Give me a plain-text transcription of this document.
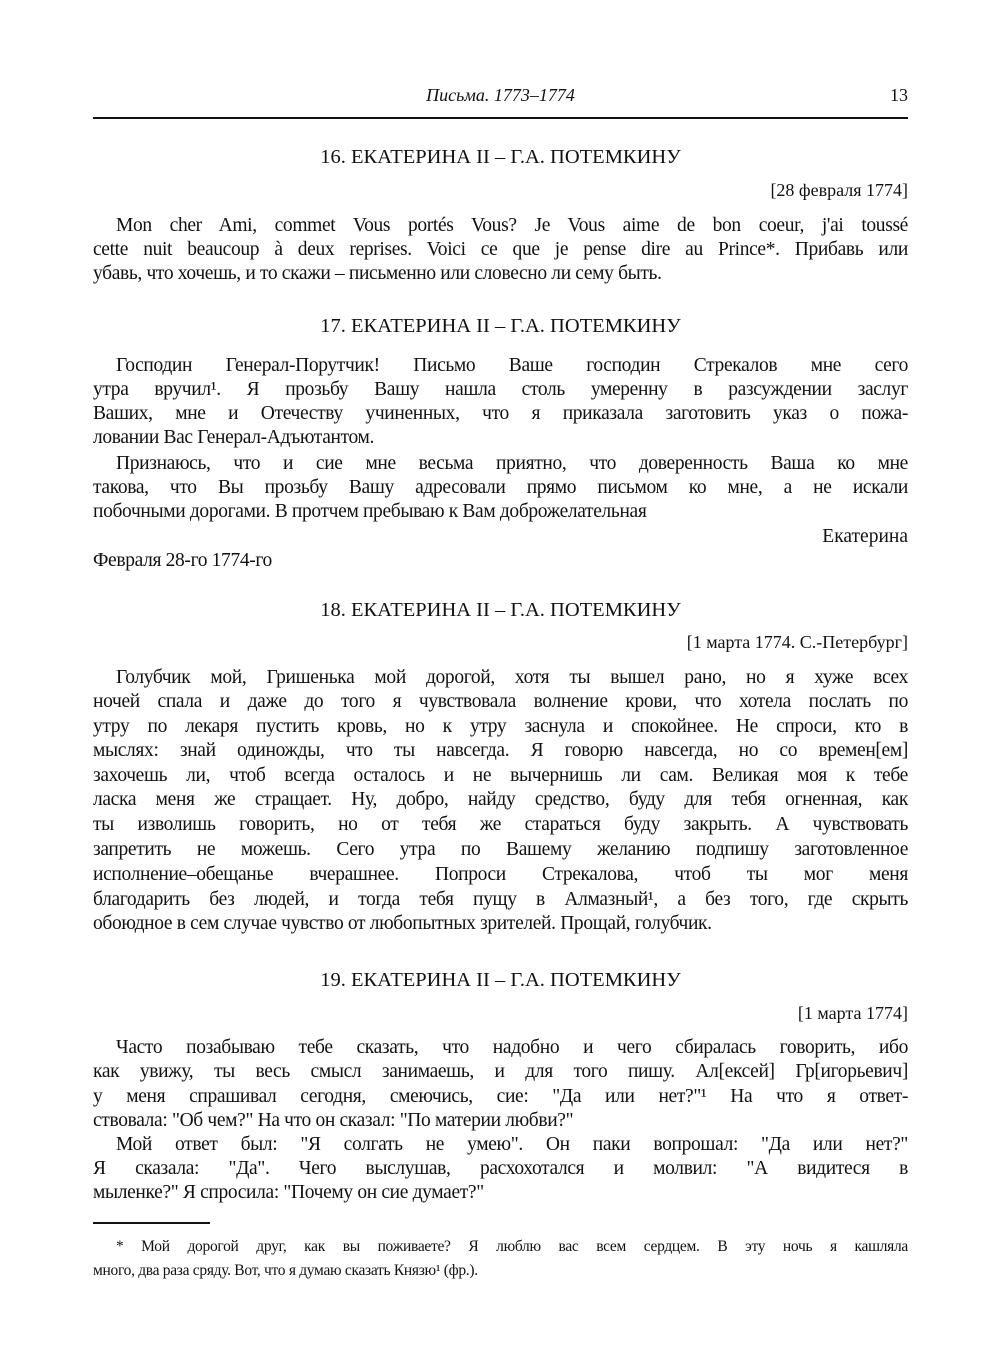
Письма. 1773–1774	13
16. ЕКАТЕРИНА II – Г.А. ПОТЕМКИНУ
[28 февраля 1774]
Mon cher Ami, commet Vous portés Vous? Je Vous aime de bon coeur, j'ai toussé
cette nuit beaucoup à deux reprises. Voici ce que je pense dire au Prince*. Прибавь или
убавь, что хочешь, и то скажи – письменно или словесно ли сему быть.
17. ЕКАТЕРИНА II – Г.А. ПОТЕМКИНУ
Господин Генерал-Порутчик! Письмо Ваше господин Стрекалов мне сего
утра вручил¹. Я прозьбу Вашу нашла столь умеренну в разсуждении заслуг
Ваших, мне и Отечеству учиненных, что я приказала заготовить указ о пожа-
ловании Вас Генерал-Адъютантом.
Признаюсь, что и сие мне весьма приятно, что доверенность Ваша ко мне
такова, что Вы прозьбу Вашу адресовали прямо письмом ко мне, а не искали
побочными дорогами. В протчем пребываю к Вам доброжелательная
Екатерина
Февраля 28-го 1774-го
18. ЕКАТЕРИНА II – Г.А. ПОТЕМКИНУ
[1 марта 1774. С.-Петербург]
Голубчик мой, Гришенька мой дорогой, хотя ты вышел рано, но я хуже всех
ночей спала и даже до того я чувствовала волнение крови, что хотела послать по
утру по лекаря пустить кровь, но к утру заснула и спокойнее. Не спроси, кто в
мыслях: знай одиножды, что ты навсегда. Я говорю навсегда, но со времен[ем]
захочешь ли, чтоб всегда осталось и не вычернишь ли сам. Великая моя к тебе
ласка меня же стращает. Ну, добро, найду средство, буду для тебя огненная, как
ты изволишь говорить, но от тебя же стараться буду закрыть. А чувствовать
запретить не можешь. Сего утра по Вашему желанию подпишу заготовленное
исполнение–обещанье вчерашнее. Попроси Стрекалова, чтоб ты мог меня
благодарить без людей, и тогда тебя пущу в Алмазный¹, а без того, где скрыть
обоюдное в сем случае чувство от любопытных зрителей. Прощай, голубчик.
19. ЕКАТЕРИНА II – Г.А. ПОТЕМКИНУ
[1 марта 1774]
Часто позабываю тебе сказать, что надобно и чего сбиралась говорить, ибо
как увижу, ты весь смысл занимаешь, и для того пишу. Ал[ексей] Гр[игорьевич]
у меня спрашивал сегодня, смеючись, сие: "Да или нет?"¹ На что я ответ-
ствовала: "Об чем?" На что он сказал: "По материи любви?"
Мой ответ был: "Я солгать не умею". Он паки вопрошал: "Да или нет?"
Я сказала: "Да". Чего выслушав, расхохотался и молвил: "А видитеся в
мыленке?" Я спросила: "Почему он сие думает?"
* Мой дорогой друг, как вы поживаете? Я люблю вас всем сердцем. В эту ночь я кашляла
много, два раза сряду. Вот, что я думаю сказать Князю¹ (фр.).
